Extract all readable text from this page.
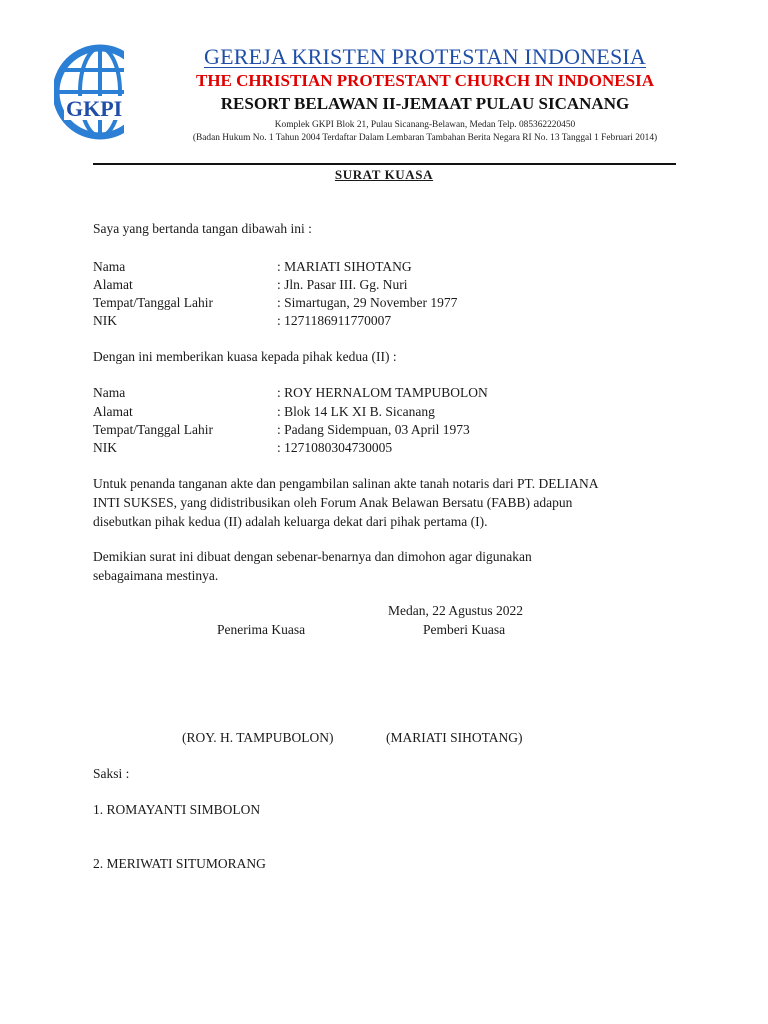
GKPI
GEREJA KRISTEN PROTESTAN INDONESIA
THE CHRISTIAN PROTESTANT CHURCH IN INDONESIA
RESORT BELAWAN II-JEMAAT PULAU SICANANG
Komplek GKPI Blok 21, Pulau Sicanang-Belawan, Medan Telp. 085362220450
(Badan Hukum No. 1 Tahun 2004 Terdaftar Dalam Lembaran Tambahan Berita Negara RI No. 13 Tanggal 1 Februari 2014)
SURAT KUASA
Saya yang bertanda tangan dibawah ini :
Nama	: MARIATI SIHOTANG
Alamat	: Jln. Pasar III. Gg. Nuri
Tempat/Tanggal Lahir	: Simartugan, 29 November 1977
NIK	: 1271186911770007
Dengan ini memberikan kuasa kepada pihak kedua (II) :
Nama	: ROY HERNALOM TAMPUBOLON
Alamat	: Blok 14 LK XI B. Sicanang
Tempat/Tanggal Lahir	: Padang Sidempuan, 03 April 1973
NIK	: 1271080304730005
Untuk penanda tanganan akte dan pengambilan salinan akte tanah notaris dari PT. DELIANA
INTI SUKSES, yang didistribusikan oleh Forum Anak Belawan Bersatu (FABB) adapun
disebutkan pihak kedua (II) adalah keluarga dekat dari pihak pertama (I).
Demikian surat ini dibuat dengan sebenar-benarnya dan dimohon agar digunakan
sebagaimana mestinya.
Medan, 22 Agustus 2022
Penerima Kuasa	Pemberi Kuasa
(ROY. H. TAMPUBOLON)	(MARIATI SIHOTANG)
Saksi :
1. ROMAYANTI SIMBOLON
2. MERIWATI SITUMORANG
